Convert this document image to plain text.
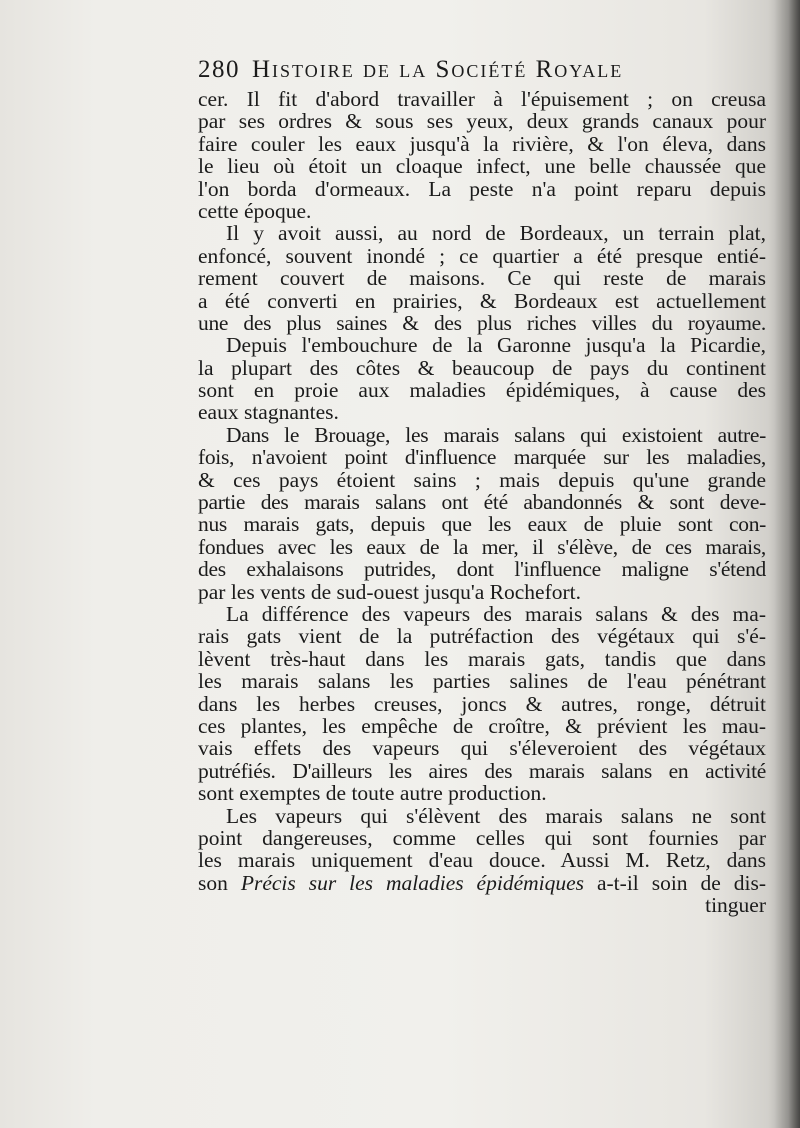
280 Histoire de la Société Royale
cer. Il fit d'abord travailler à l'épuisement ; on creusa
par ses ordres & sous ses yeux, deux grands canaux pour
faire couler les eaux jusqu'à la rivière, & l'on éleva, dans
le lieu où étoit un cloaque infect, une belle chaussée que
l'on borda d'ormeaux. La peste n'a point reparu depuis
cette époque.
Il y avoit aussi, au nord de Bordeaux, un terrain plat,
enfoncé, souvent inondé ; ce quartier a été presque entié-
rement couvert de maisons. Ce qui reste de marais
a été converti en prairies, & Bordeaux est actuellement
une des plus saines & des plus riches villes du royaume.
Depuis l'embouchure de la Garonne jusqu'a la Picardie,
la plupart des côtes & beaucoup de pays du continent
sont en proie aux maladies épidémiques, à cause des
eaux stagnantes.
Dans le Brouage, les marais salans qui existoient autre-
fois, n'avoient point d'influence marquée sur les maladies,
& ces pays étoient sains ; mais depuis qu'une grande
partie des marais salans ont été abandonnés & sont deve-
nus marais gats, depuis que les eaux de pluie sont con-
fondues avec les eaux de la mer, il s'élève, de ces marais,
des exhalaisons putrides, dont l'influence maligne s'étend
par les vents de sud-ouest jusqu'a Rochefort.
La différence des vapeurs des marais salans & des ma-
rais gats vient de la putréfaction des végétaux qui s'é-
lèvent très-haut dans les marais gats, tandis que dans
les marais salans les parties salines de l'eau pénétrant
dans les herbes creuses, joncs & autres, ronge, détruit
ces plantes, les empêche de croître, & prévient les mau-
vais effets des vapeurs qui s'éleveroient des végétaux
putréfiés. D'ailleurs les aires des marais salans en activité
sont exemptes de toute autre production.
Les vapeurs qui s'élèvent des marais salans ne sont
point dangereuses, comme celles qui sont fournies par
les marais uniquement d'eau douce. Aussi M. Retz, dans
son Précis sur les maladies épidémiques a-t-il soin de dis-
tinguer
